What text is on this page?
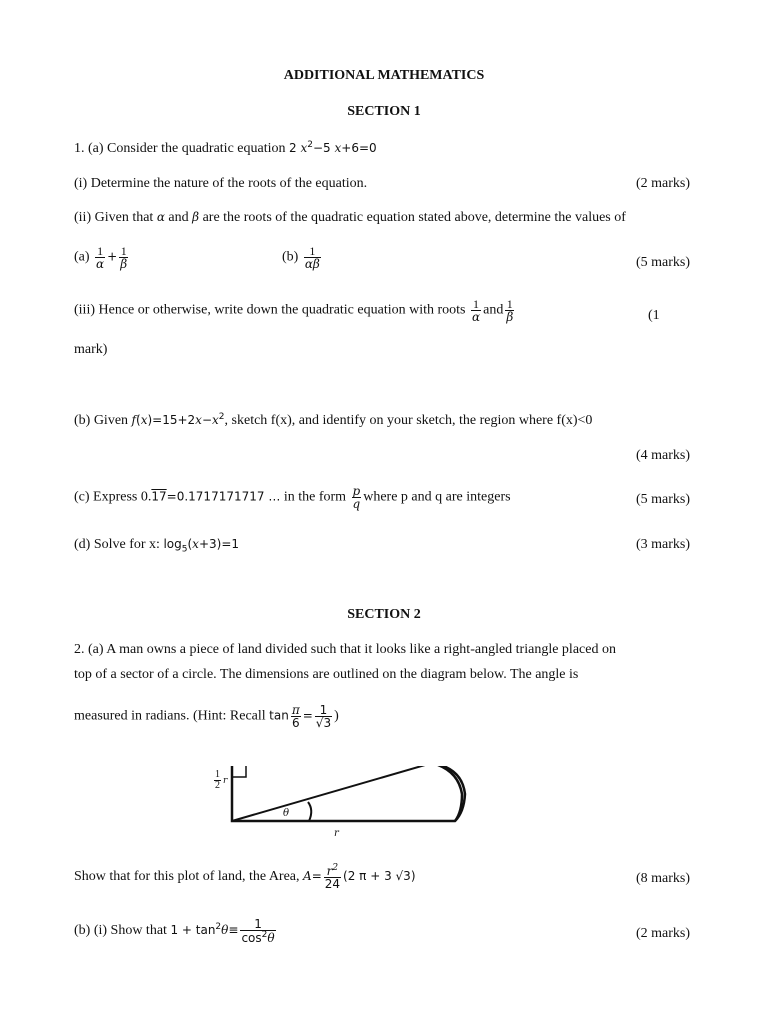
ADDITIONAL MATHEMATICS
SECTION 1
1. (a) Consider the quadratic equation 2 $x^2-5$ x+6=0
(i) Determine the nature of the roots of the equation.	(2 marks)
(ii) Given that α and β are the roots of the quadratic equation stated above, determine the values of
$(a) \frac{1}{\alpha} + \frac{1}{\beta}$	$(b) \frac{1}{\alpha\beta}$	(5 marks)
(iii) Hence or otherwise, write down the quadratic equation with roots $\frac{1}{\alpha}$ and $\frac{1}{\beta}$	(1
mark)
(b) Given $f(x)=15+2x-x^2$, sketch f(x), and identify on your sketch, the region where f(x)<0
(4 marks)
(c) Express 0.17=0.1717171717 … in the form $\frac{p}{q}$ where p and q are integers	(5 marks)
(d) Solve for x: $\log_5(x+3)=1$	(3 marks)
SECTION 2
2. (a) A man owns a piece of land divided such that it looks like a right-angled triangle placed on
top of a sector of a circle. The dimensions are outlined on the diagram below. The angle is
measured in radians. (Hint: Recall $\tan \frac{\pi}{6} = \frac{1}{√3}$ )
$\frac{1}{2}$ r
θ
r
Show that for this plot of land, the Area, $A= \frac{r^2}{24} (2$ π + 3 √3)	(8 marks)
(b) (i) Show that $1 + \tan^2\theta\equiv \frac{1}{\cos^2\theta}$	(2 marks)
